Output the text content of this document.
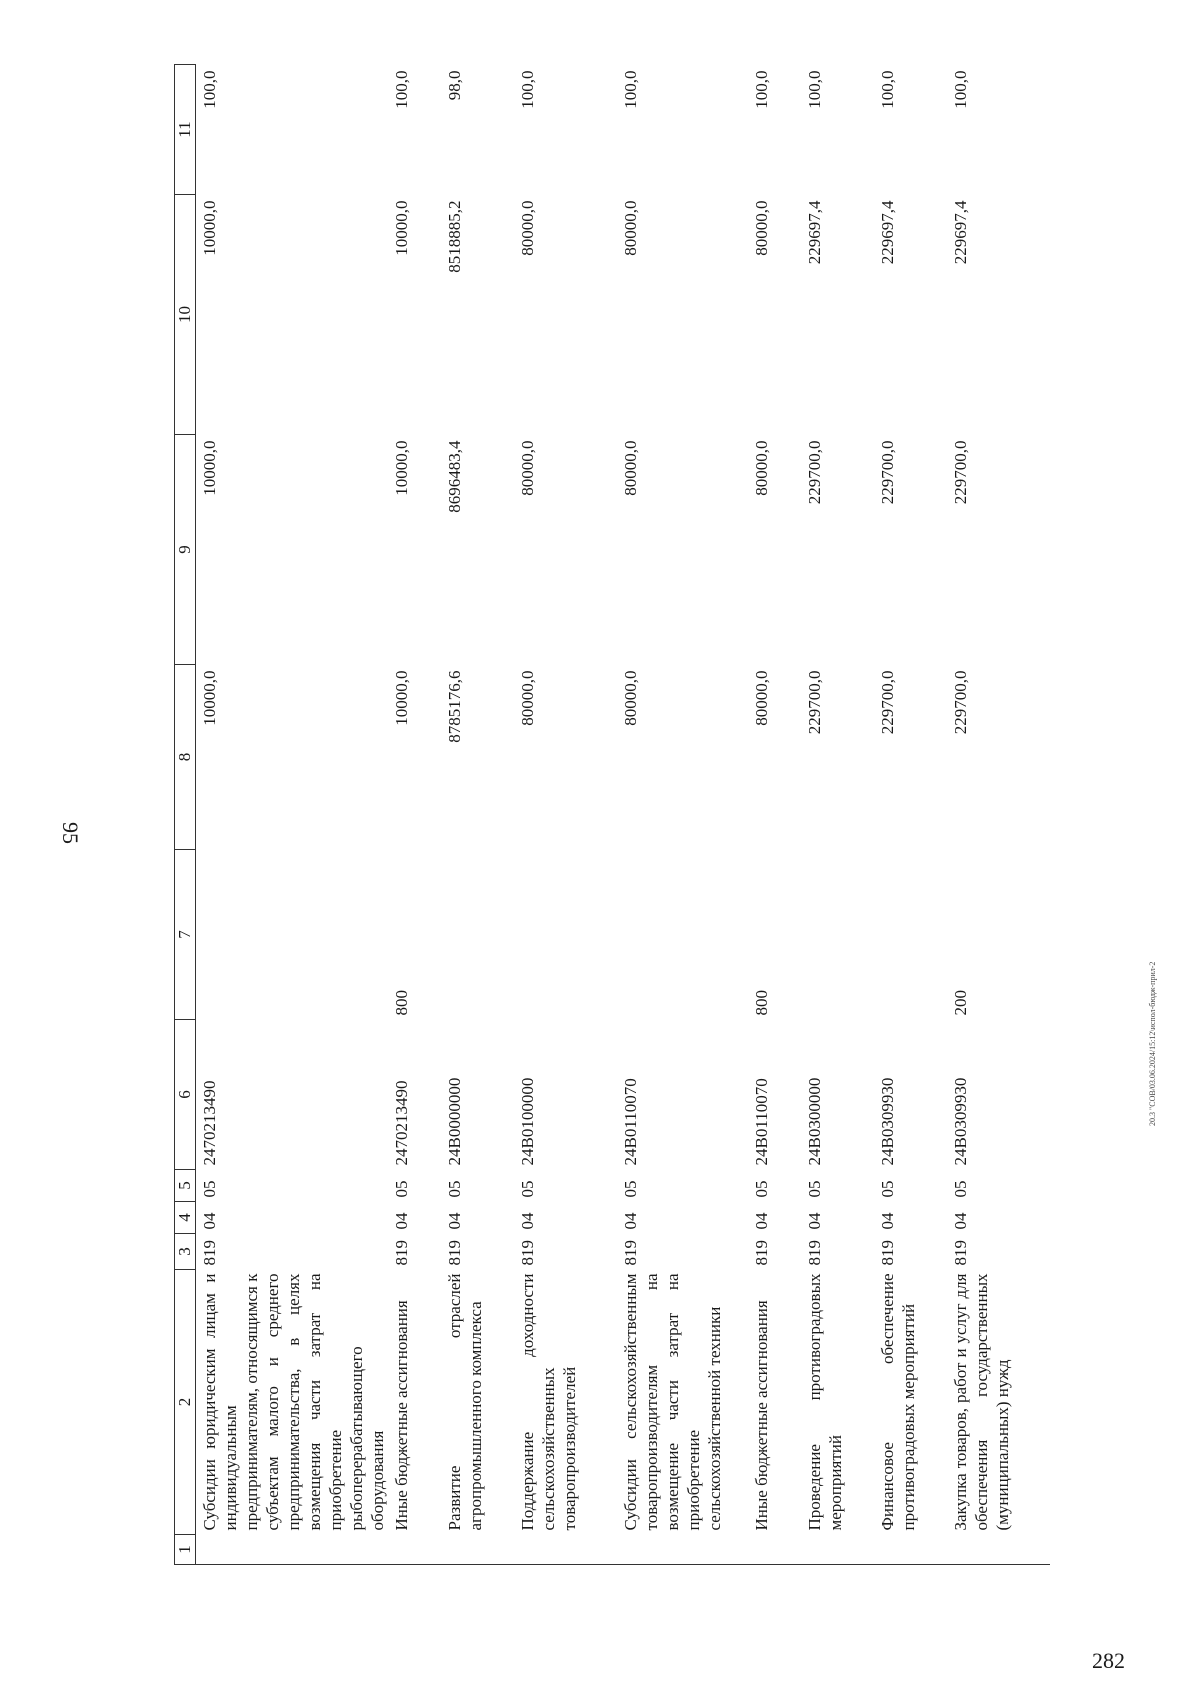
95
20.3 "СОВ/03.06.2024/15:12\испол-бюдж-прил-2
282
1	2	3	4	5	6	7	8	9	10	11
	Субсидии юридическим лицам и индивидуальным предпринимателям, относящимся к субъектам малого и среднего предпринимательства, в целях возмещения части затрат на приобретение рыбоперерабатывающего оборудования	819	04	05	2470213490		10000,0	10000,0	10000,0	100,0
	Иные бюджетные ассигнования	819	04	05	2470213490	800	10000,0	10000,0	10000,0	100,0
	Развитие отраслей агропромышленного комплекса	819	04	05	24В0000000		8785176,6	8696483,4	8518885,2	98,0
	Поддержание доходности сельскохозяйственных товаропроизводителей	819	04	05	24В0100000		80000,0	80000,0	80000,0	100,0
	Субсидии сельскохозяйственным товаропроизводителям на возмещение части затрат на приобретение сельскохозяйственной техники	819	04	05	24В0110070		80000,0	80000,0	80000,0	100,0
	Иные бюджетные ассигнования	819	04	05	24В0110070	800	80000,0	80000,0	80000,0	100,0
	Проведение противоградовых мероприятий	819	04	05	24В0300000		229700,0	229700,0	229697,4	100,0
	Финансовое обеспечение противоградовых мероприятий	819	04	05	24В0309930		229700,0	229700,0	229697,4	100,0
	Закупка товаров, работ и услуг для обеспечения государственных (муниципальных) нужд	819	04	05	24В0309930	200	229700,0	229700,0	229697,4	100,0
